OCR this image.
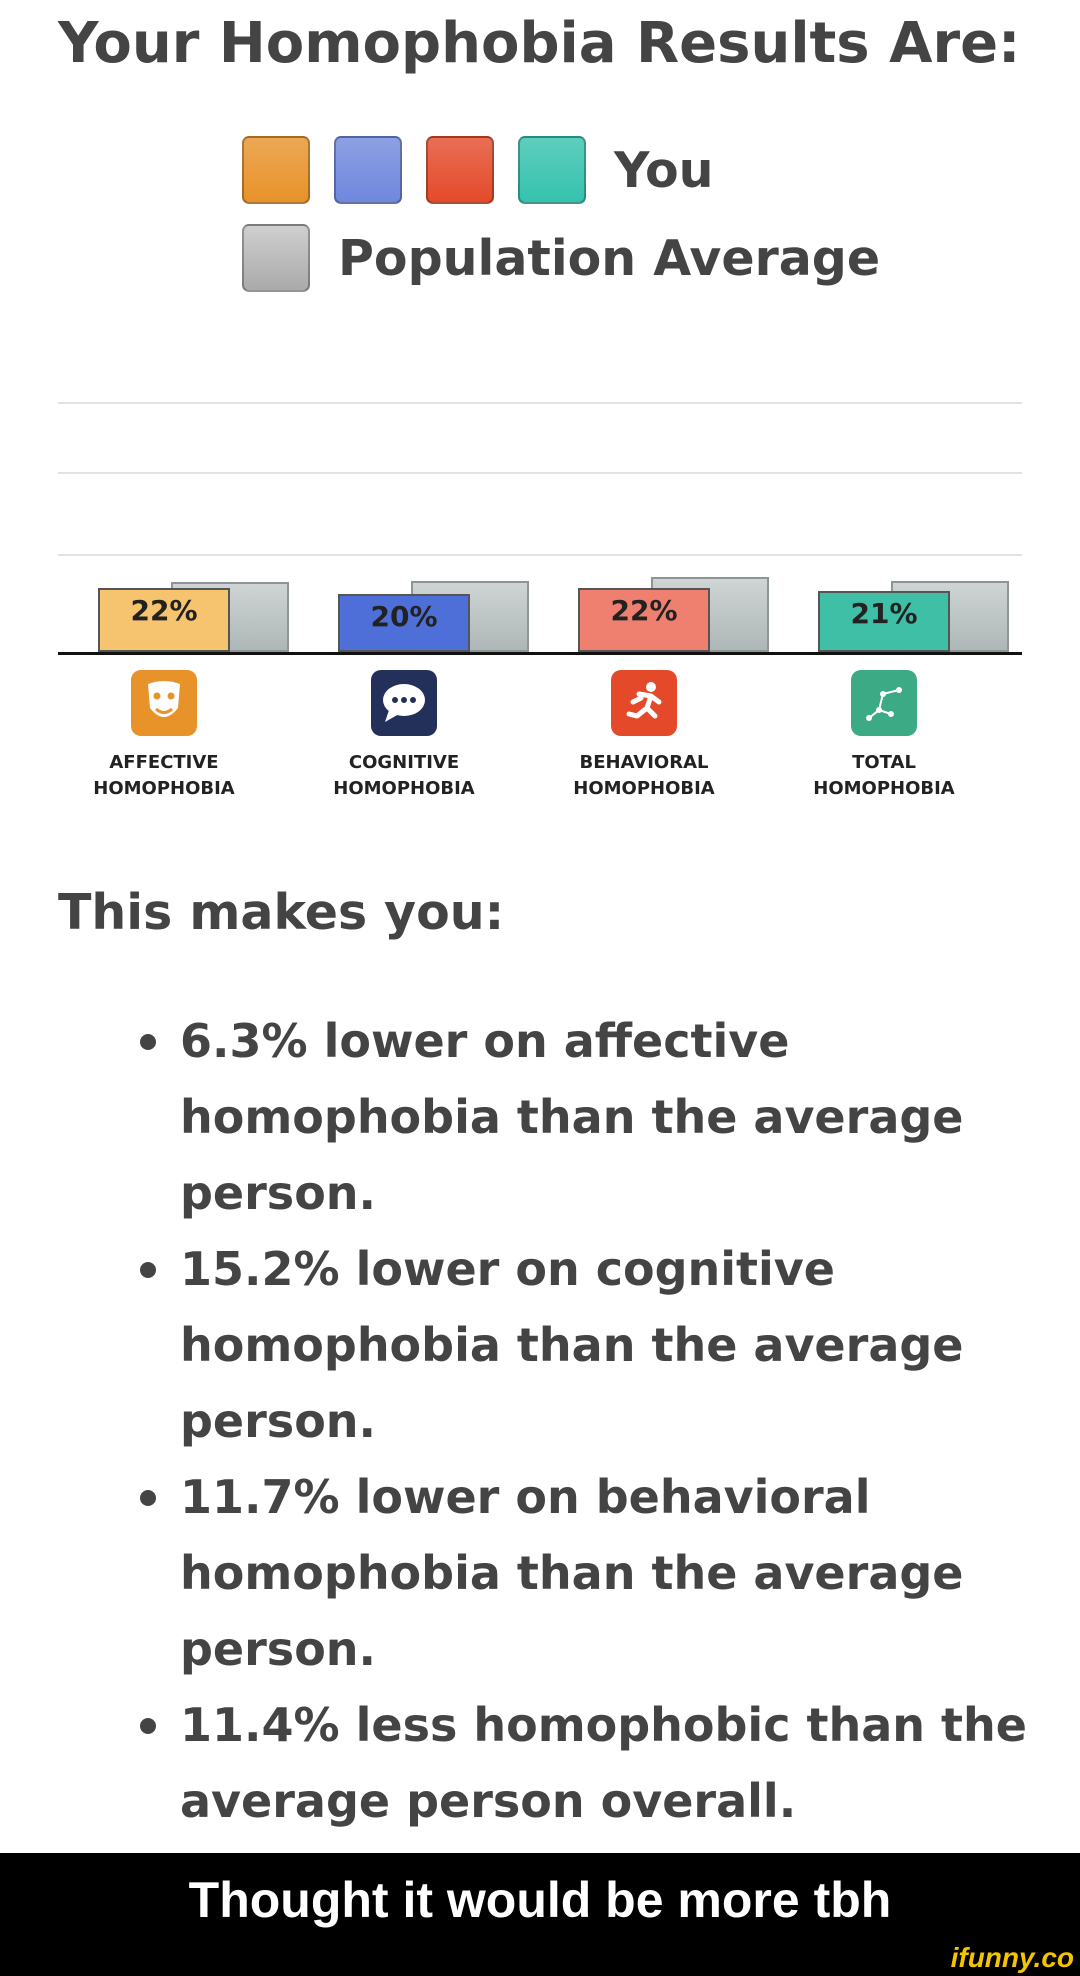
Your Homophobia Results Are:
You
Population Average
22%	20%	22%	21%
AFFECTIVE
HOMOPHOBIA
COGNITIVE
HOMOPHOBIA
BEHAVIORAL
HOMOPHOBIA
TOTAL
HOMOPHOBIA
This makes you:
6.3% lower on affective homophobia than the average person.
15.2% lower on cognitive homophobia than the average person.
11.7% lower on behavioral homophobia than the average person.
11.4% less homophobic than the average person overall.
Thought it would be more tbh
ifunny.co
